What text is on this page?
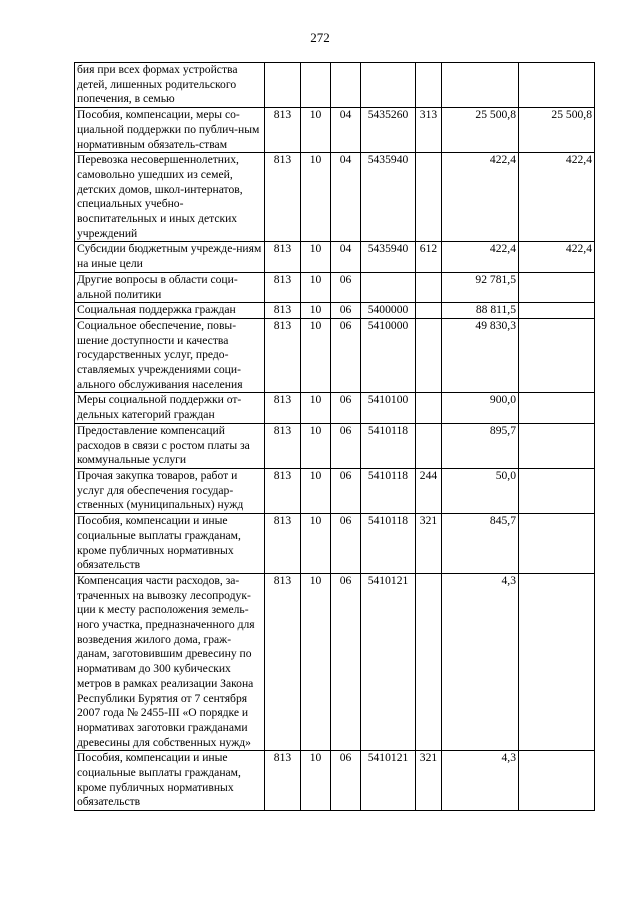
272
бия при всех формах устройства детей, лишенных родительского попечения, в семью							
Пособия, компенсации, меры со-циальной поддержки по публич-ным нормативным обязатель-ствам	813	10	04	5435260	313	25 500,8	25 500,8
Перевозка несовершеннолетних, самовольно ушедших из семей, детских домов, школ-интернатов, специальных учебно-воспитательных и иных детских учреждений	813	10	04	5435940		422,4	422,4
Субсидии бюджетным учрежде-ниям на иные цели	813	10	04	5435940	612	422,4	422,4
Другие вопросы в области соци-альной политики	813	10	06			92 781,5	
Социальная поддержка граждан	813	10	06	5400000		88 811,5	
Социальное обеспечение, повы-шение доступности и качества государственных услуг, предо-ставляемых учреждениями соци-ального обслуживания населения	813	10	06	5410000		49 830,3	
Меры социальной поддержки от-дельных категорий граждан	813	10	06	5410100		900,0	
Предоставление компенсаций расходов в связи с ростом платы за коммунальные услуги	813	10	06	5410118		895,7	
Прочая закупка товаров, работ и услуг для обеспечения государ-ственных (муниципальных) нужд	813	10	06	5410118	244	50,0	
Пособия, компенсации и иные социальные выплаты гражданам, кроме публичных нормативных обязательств	813	10	06	5410118	321	845,7	
Компенсация части расходов, за-траченных на вывозку лесопродук-ции к месту расположения земель-ного участка, предназначенного для возведения жилого дома, граж-данам, заготовившим древесину по нормативам до 300 кубических метров в рамках реализации Закона Республики Бурятия от 7 сентября 2007 года № 2455-III «О порядке и нормативах заготовки гражданами древесины для собственных нужд»	813	10	06	5410121		4,3	
Пособия, компенсации и иные социальные выплаты гражданам, кроме публичных нормативных обязательств	813	10	06	5410121	321	4,3	
